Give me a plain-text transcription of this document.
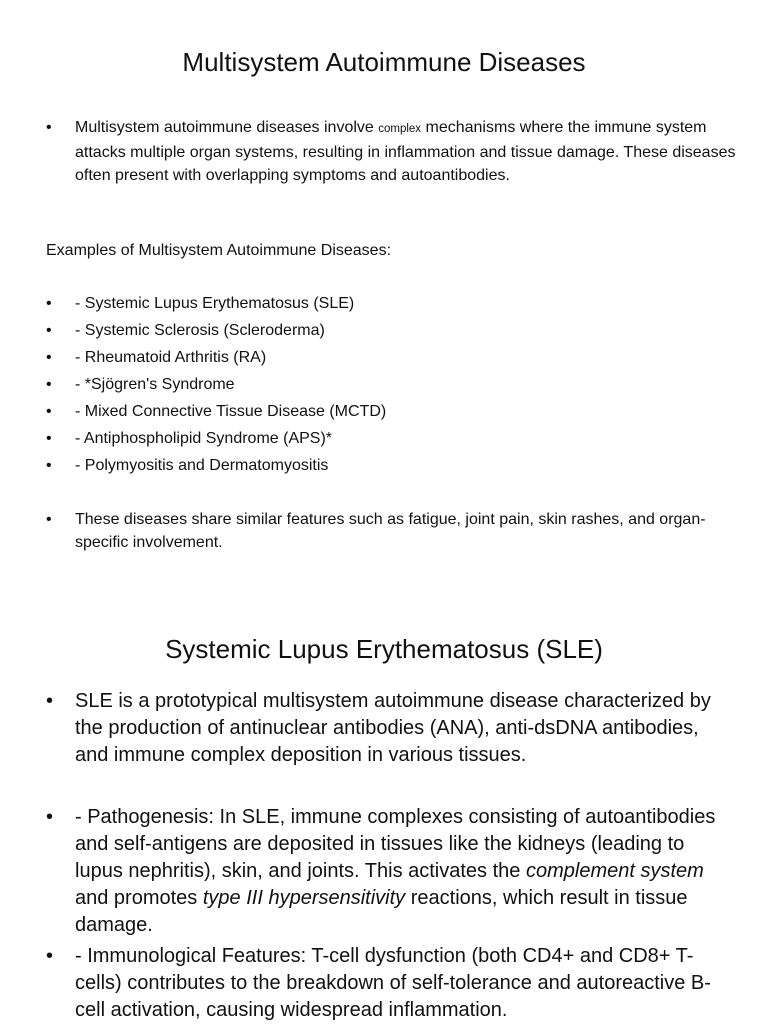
Multisystem Autoimmune Diseases
• Multisystem autoimmune diseases involve complex mechanisms where the immune system attacks multiple organ systems, resulting in inflammation and tissue damage. These diseases often present with overlapping symptoms and autoantibodies.

Examples of Multisystem Autoimmune Diseases:

• - Systemic Lupus Erythematosus (SLE)
• - Systemic Sclerosis (Scleroderma)
• - Rheumatoid Arthritis (RA)
• - *Sjögren's Syndrome
• - Mixed Connective Tissue Disease (MCTD)
• - Antiphospholipid Syndrome (APS)*
• - Polymyositis and Dermatomyositis
• These diseases share similar features such as fatigue, joint pain, skin rashes, and organ-specific involvement.
Systemic Lupus Erythematosus (SLE)
• SLE is a prototypical multisystem autoimmune disease characterized by the production of antinuclear antibodies (ANA), anti-dsDNA antibodies, and immune complex deposition in various tissues.
• - Pathogenesis: In SLE, immune complexes consisting of autoantibodies and self-antigens are deposited in tissues like the kidneys (leading to lupus nephritis), skin, and joints. This activates the complement system and promotes type III hypersensitivity reactions, which result in tissue damage.
• - Immunological Features: T-cell dysfunction (both CD4+ and CD8+ T-cells) contributes to the breakdown of self-tolerance and autoreactive B-cell activation, causing widespread inflammation.
